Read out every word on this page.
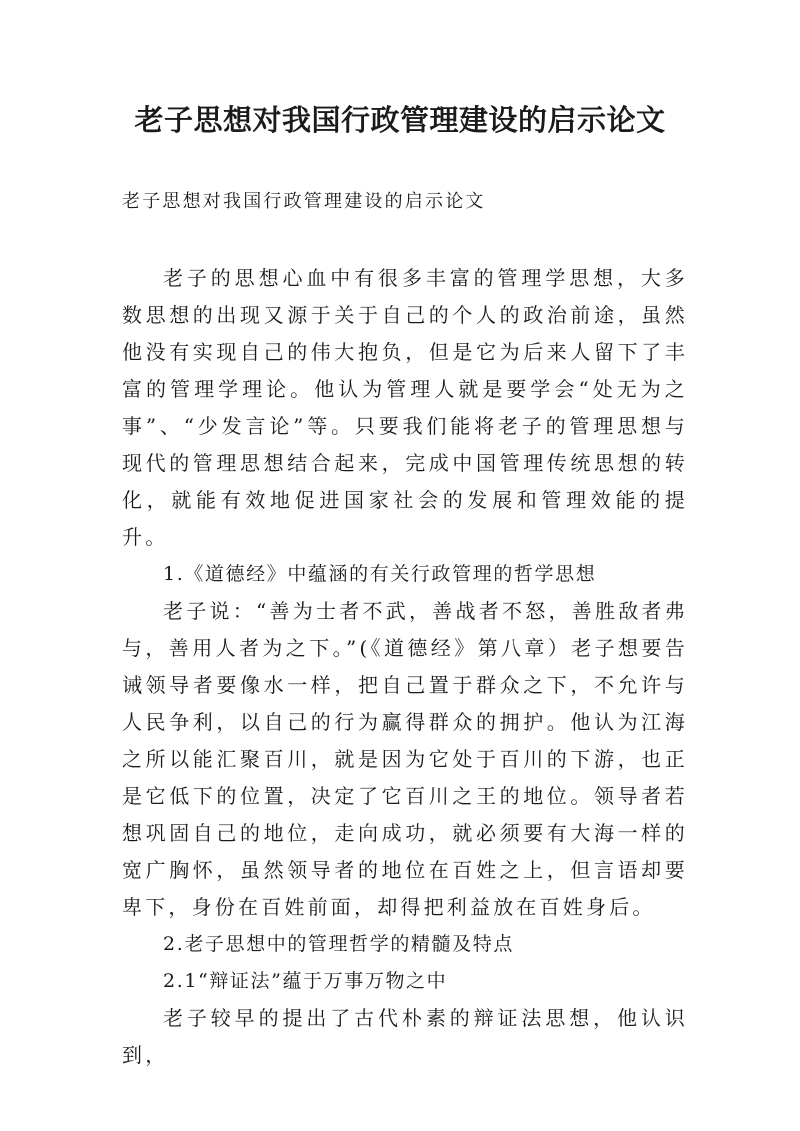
老子思想对我国行政管理建设的启示论文

老子思想对我国行政管理建设的启示论文

老子的思想心血中有很多丰富的管理学思想，大多数思想的出现又源于关于自己的个人的政治前途，虽然他没有实现自己的伟大抱负，但是它为后来人留下了丰富的管理学理论。他认为管理人就是要学会“处无为之事”、“少发言论”等。只要我们能将老子的管理思想与现代的管理思想结合起来，完成中国管理传统思想的转化，就能有效地促进国家社会的发展和管理效能的提升。

1.《道德经》中蕴涵的有关行政管理的哲学思想

老子说：“善为士者不武，善战者不怒，善胜敌者弗与，善用人者为之下。”(《道德经》第八章）老子想要告诫领导者要像水一样，把自己置于群众之下，不允许与人民争利，以自己的行为赢得群众的拥护。他认为江海之所以能汇聚百川，就是因为它处于百川的下游，也正是它低下的位置，决定了它百川之王的地位。领导者若想巩固自己的地位，走向成功，就必须要有大海一样的宽广胸怀，虽然领导者的地位在百姓之上，但言语却要卑下，身份在百姓前面，却得把利益放在百姓身后。

2.老子思想中的管理哲学的精髓及特点

2.1“辩证法”蕴于万事万物之中

老子较早的提出了古代朴素的辩证法思想，他认识到，
